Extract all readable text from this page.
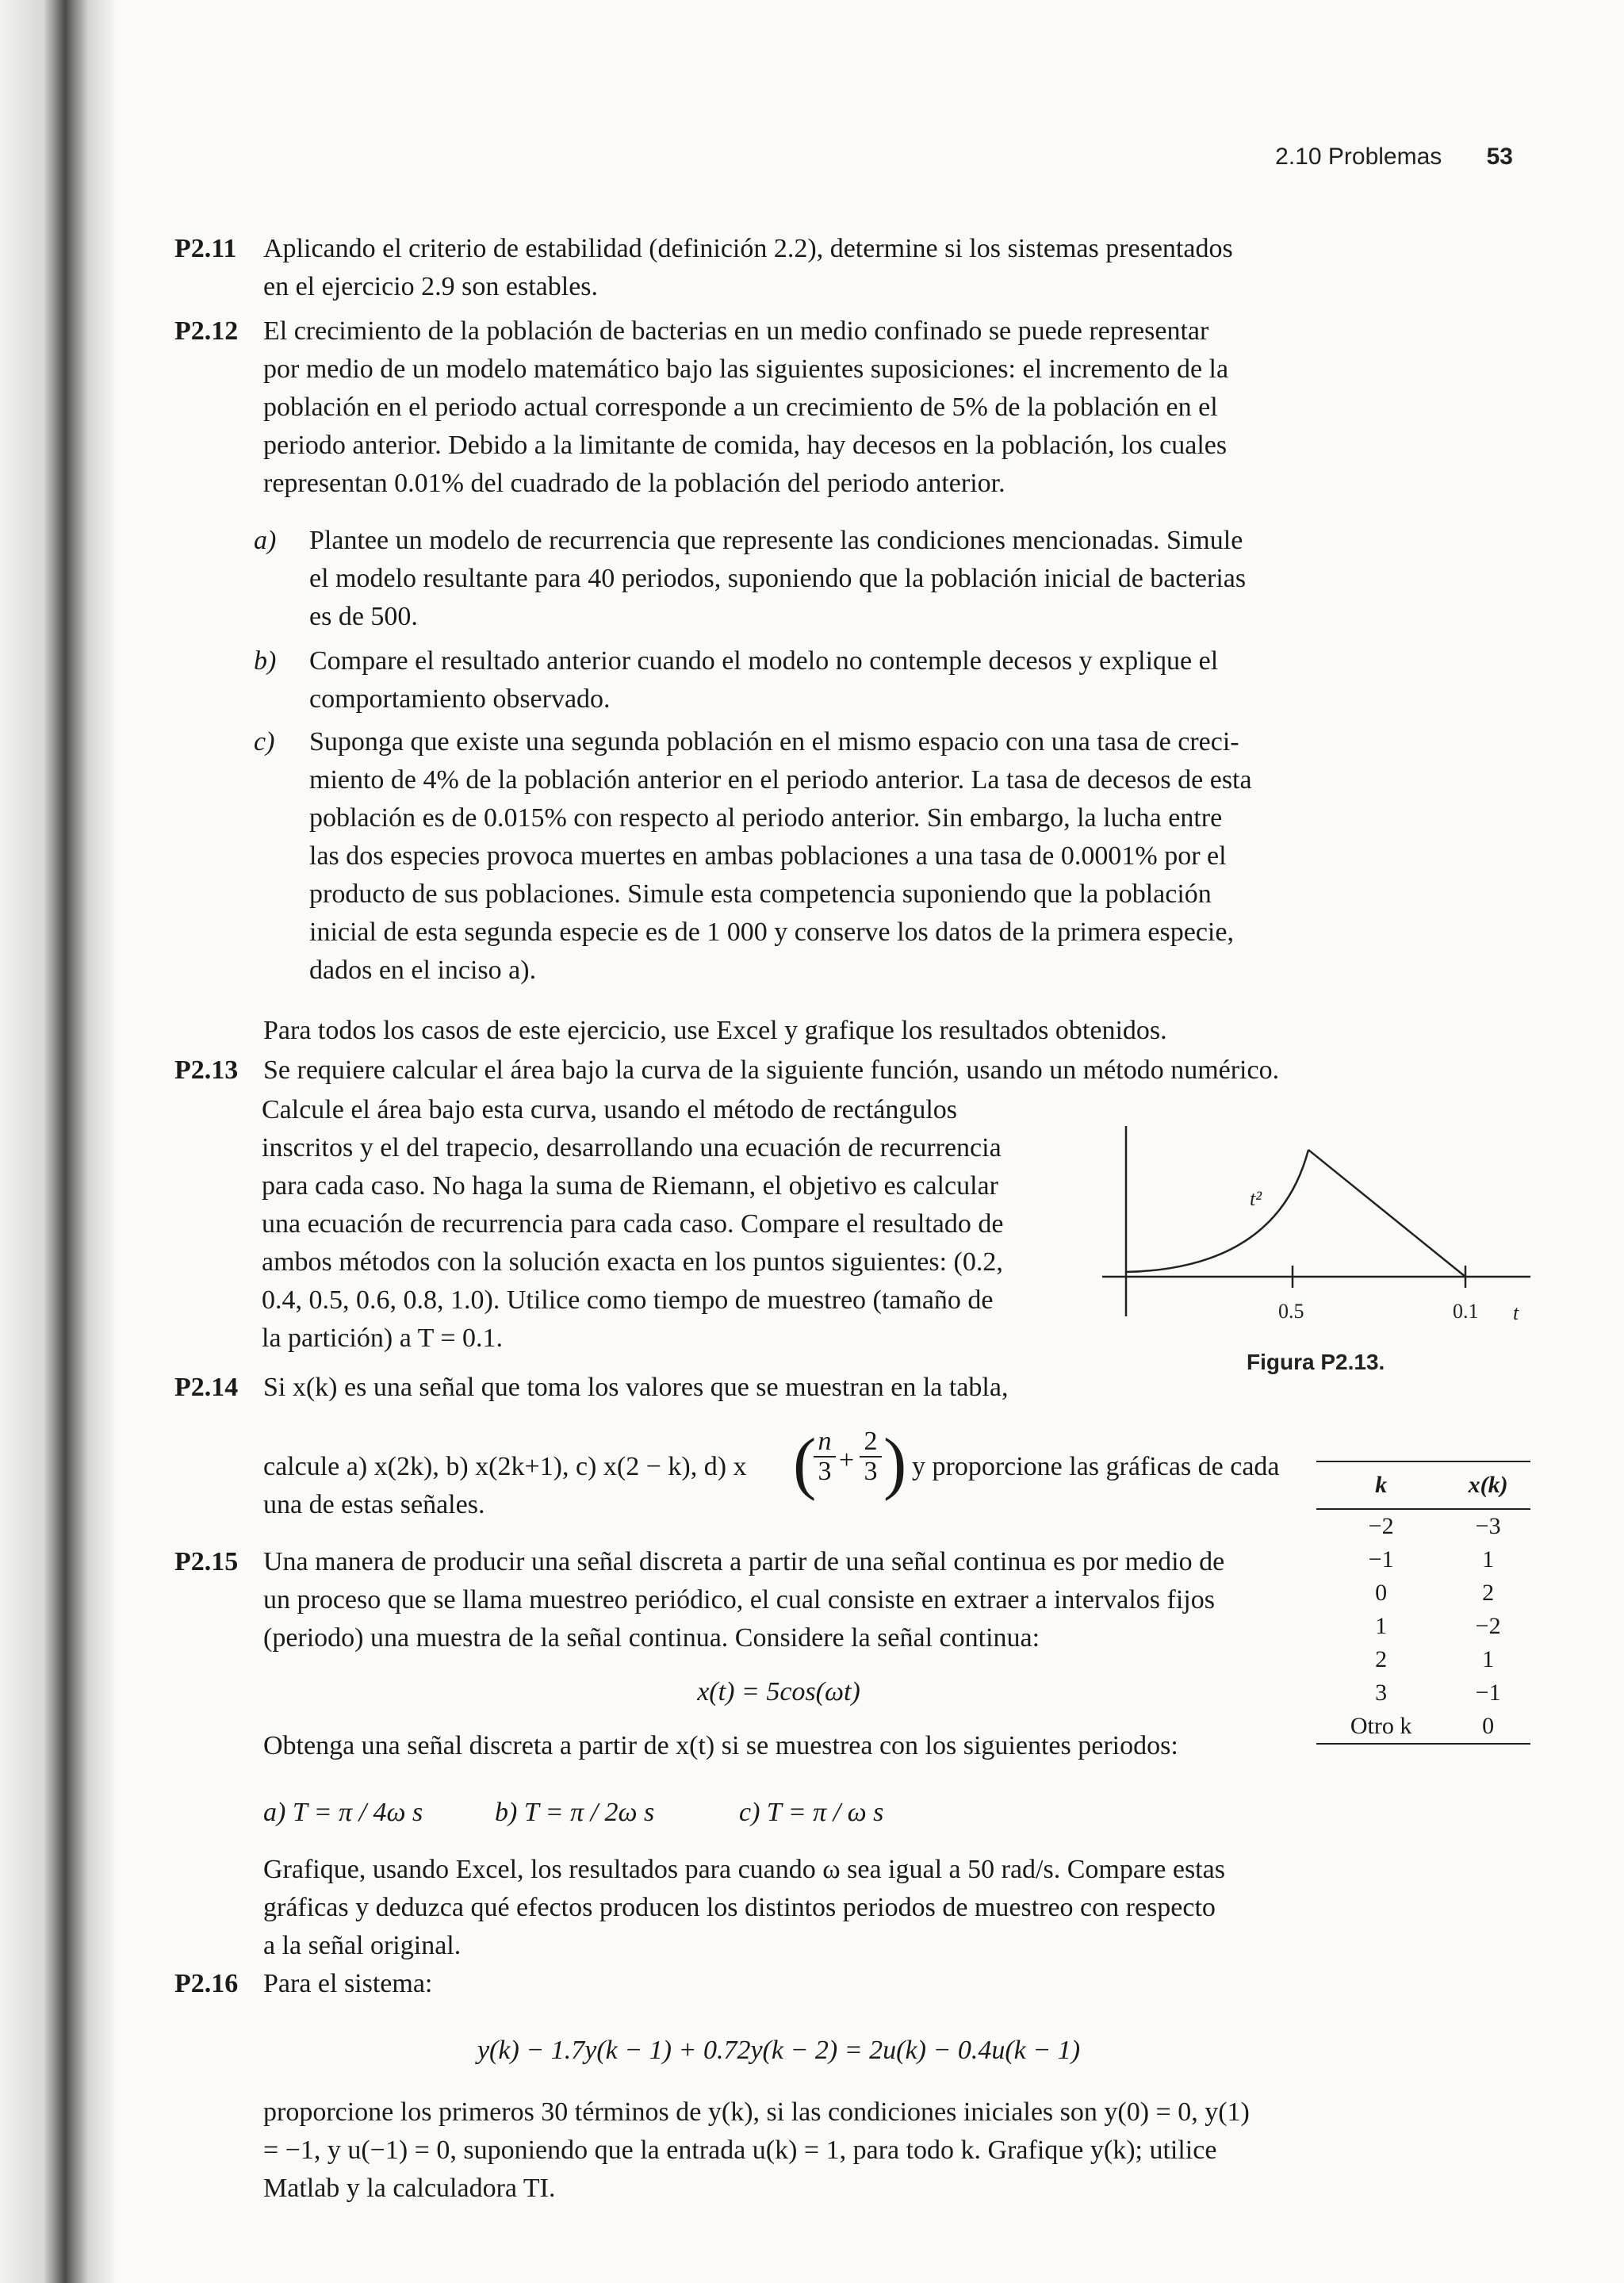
2.10 Problemas 53
P2.11 Aplicando el criterio de estabilidad (definición 2.2), determine si los sistemas presentados

en el ejercicio 2.9 son estables.

P2.12 El crecimiento de la población de bacterias en un medio confinado se puede representar

por medio de un modelo matemático bajo las siguientes suposiciones: el incremento de la

población en el periodo actual corresponde a un crecimiento de 5% de la población en el

periodo anterior. Debido a la limitante de comida, hay decesos en la población, los cuales

representan 0.01% del cuadrado de la población del periodo anterior.

a) Plantee un modelo de recurrencia que represente las condiciones mencionadas. Simule

el modelo resultante para 40 periodos, suponiendo que la población inicial de bacterias

es de 500.

b) Compare el resultado anterior cuando el modelo no contemple decesos y explique el

comportamiento observado.

c) Suponga que existe una segunda población en el mismo espacio con una tasa de creci-

miento de 4% de la población anterior en el periodo anterior. La tasa de decesos de esta

población es de 0.015% con respecto al periodo anterior. Sin embargo, la lucha entre

las dos especies provoca muertes en ambas poblaciones a una tasa de 0.0001% por el

producto de sus poblaciones. Simule esta competencia suponiendo que la población

inicial de esta segunda especie es de 1 000 y conserve los datos de la primera especie,

dados en el inciso a).

Para todos los casos de este ejercicio, use Excel y grafique los resultados obtenidos.

P2.13 Se requiere calcular el área bajo la curva de la siguiente función, usando un método numérico.

Calcule el área bajo esta curva, usando el método de rectángulos

inscritos y el del trapecio, desarrollando una ecuación de recurrencia

para cada caso. No haga la suma de Riemann, el objetivo es calcular

una ecuación de recurrencia para cada caso. Compare el resultado de

ambos métodos con la solución exacta en los puntos siguientes: (0.2,

0.4, 0.5, 0.6, 0.8, 1.0). Utilice como tiempo de muestreo (tamaño de

la partición) a T = 0.1.

t²
0.5	0.1 t
Figura P2.13.
P2.14 Si x(k) es una señal que toma los valores que se muestran en la tabla,

calcule a) x(2k), b) x(2k+1), c) x(2 − k), d) x ( n
3 +
2
3 ) y proporcione las gráficas de cada
una de estas señales.
k	x(k)
−2	−3
−1	1
0	2
1	−2
2	1
3	−1
Otro k	0
P2.15 Una manera de producir una señal discreta a partir de una señal continua es por medio de

un proceso que se llama muestreo periódico, el cual consiste en extraer a intervalos fijos

(periodo) una muestra de la señal continua. Considere la señal continua:

x(t) = 5cos(ωt)
Obtenga una señal discreta a partir de x(t) si se muestrea con los siguientes periodos:
a) T = π / 4ω s	b) T = π / 2ω s	c) T = π / ω s

Grafique, usando Excel, los resultados para cuando ω sea igual a 50 rad/s. Compare estas

gráficas y deduzca qué efectos producen los distintos periodos de muestreo con respecto

a la señal original.

P2.16 Para el sistema:

y(k) − 1.7y(k − 1) + 0.72y(k − 2) = 2u(k) − 0.4u(k − 1)

proporcione los primeros 30 términos de y(k), si las condiciones iniciales son y(0) = 0, y(1)

= −1, y u(−1) = 0, suponiendo que la entrada u(k) = 1, para todo k. Grafique y(k); utilice

Matlab y la calculadora TI.
